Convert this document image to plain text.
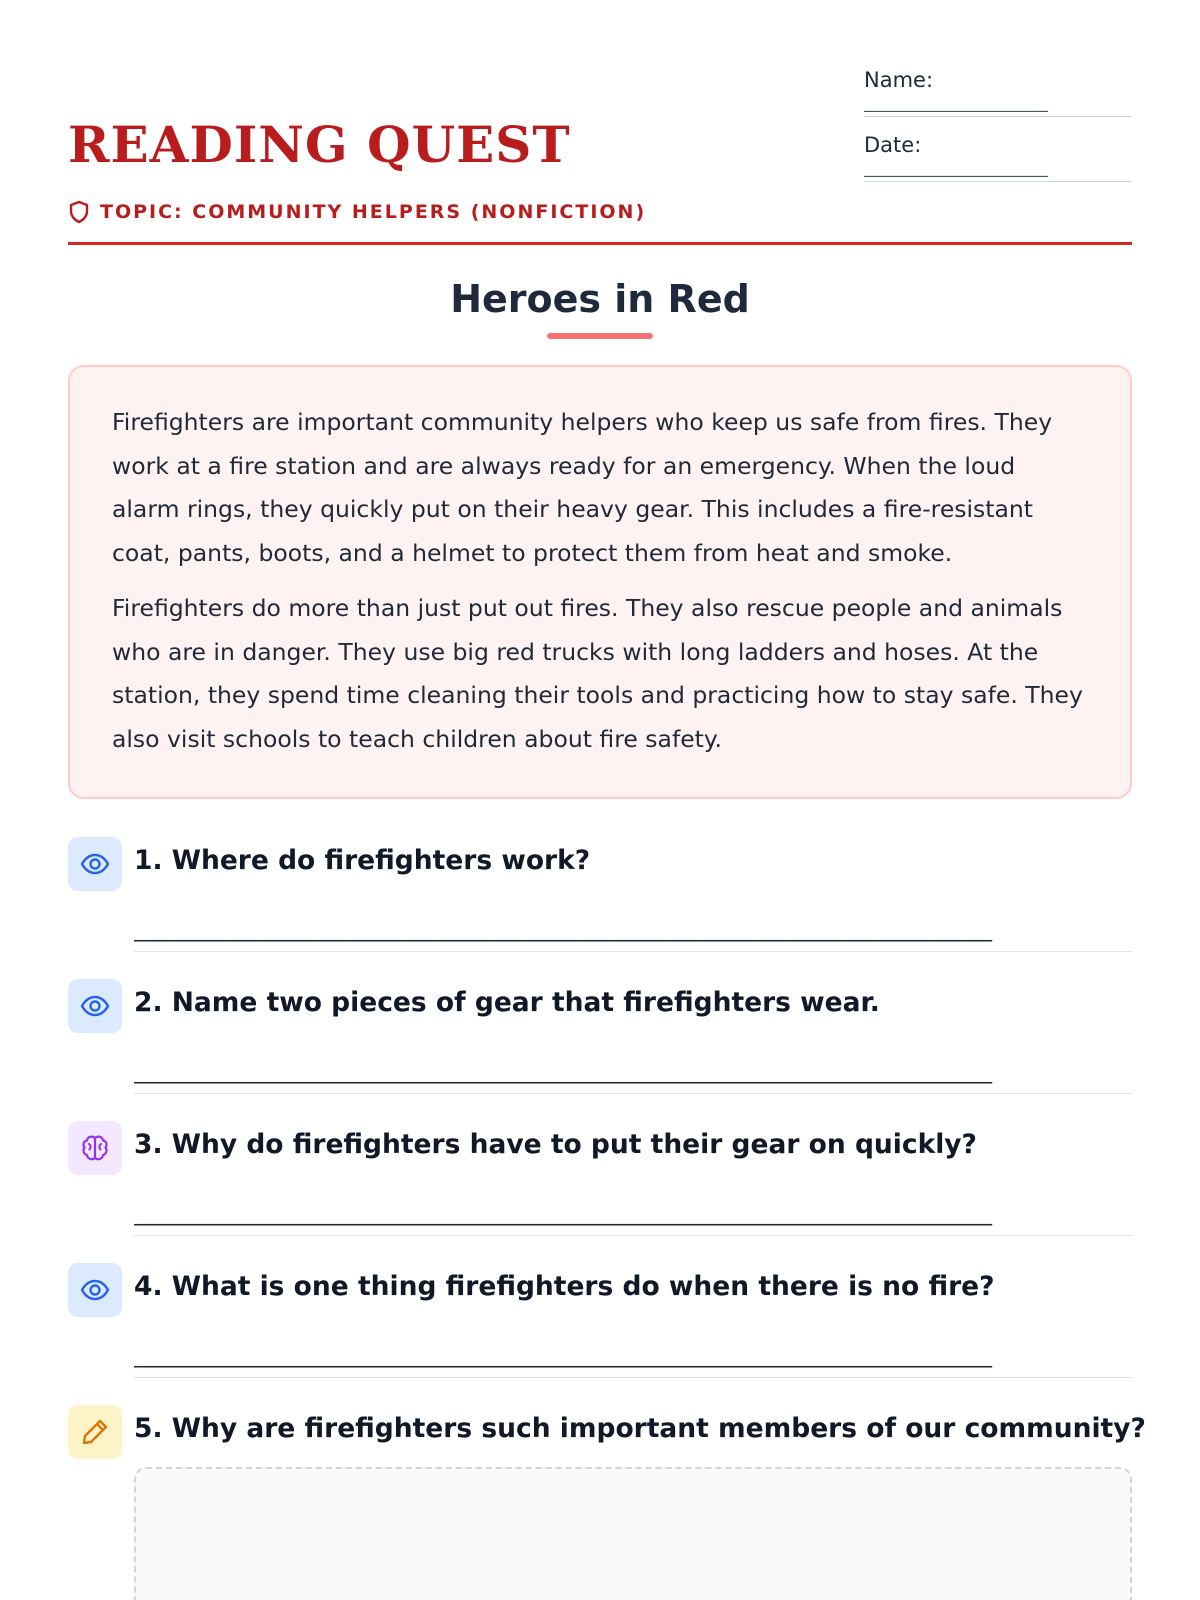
READING QUEST
TOPIC: COMMUNITY HELPERS (NONFICTION)
Name:
_______________________
Date:
_______________________
Heroes in Red

Firefighters are important community helpers who keep us safe from fires. They work at a fire station and are always ready for an emergency. When the loud alarm rings, they quickly put on their heavy gear. This includes a fire-resistant coat, pants, boots, and a helmet to protect them from heat and smoke.

Firefighters do more than just put out fires. They also rescue people and animals who are in danger. They use big red trucks with long ladders and hoses. At the station, they spend time cleaning their tools and practicing how to stay safe. They also visit schools to teach children about fire safety.

1. Where do firefighters work?
______________________________________________________________________________
2. Name two pieces of gear that firefighters wear.
______________________________________________________________________________
3. Why do firefighters have to put their gear on quickly?
______________________________________________________________________________
4. What is one thing firefighters do when there is no fire?
______________________________________________________________________________
5. Why are firefighters such important members of our community?
